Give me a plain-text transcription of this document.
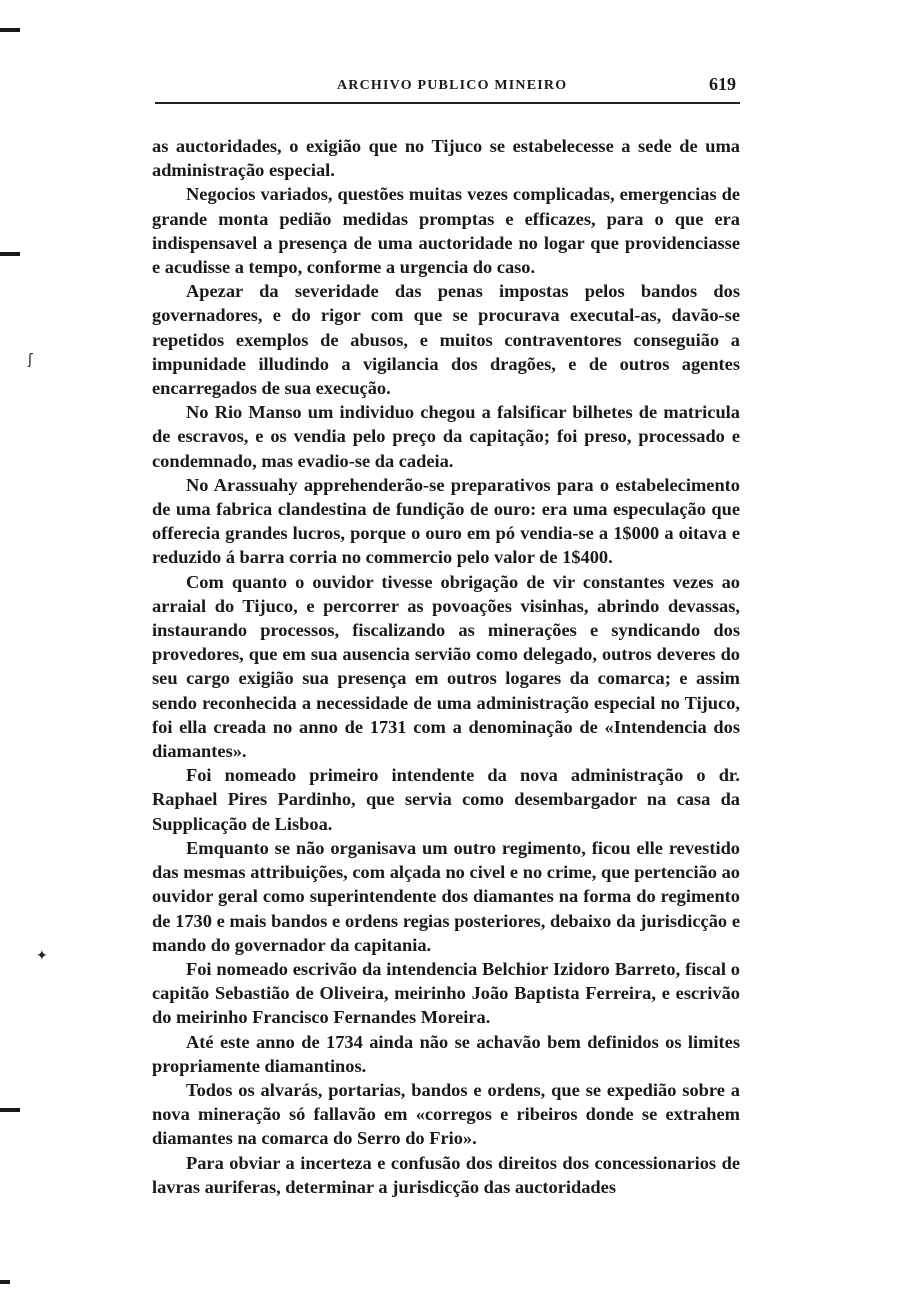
ʃ
✦
ARCHIVO PUBLICO MINEIRO	619

as auctoridades, o exigião que no Tijuco se estabelecesse a sede de uma administração especial.

Negocios variados, questões muitas vezes complicadas, emergencias de grande monta pedião medidas promptas e efficazes, para o que era indispensavel a presença de uma auctoridade no logar que providenciasse e acudisse a tempo, conforme a urgencia do caso.

Apezar da severidade das penas impostas pelos bandos dos governadores, e do rigor com que se procurava executal-as, davão-se repetidos exemplos de abusos, e muitos contraventores conseguião a impunidade illudindo a vigilancia dos dragões, e de outros agentes encarregados de sua execução.

No Rio Manso um individuo chegou a falsificar bilhetes de matricula de escravos, e os vendia pelo preço da capitação; foi preso, processado e condemnado, mas evadio-se da cadeia.

No Arassuahy apprehenderão-se preparativos para o estabelecimento de uma fabrica clandestina de fundição de ouro: era uma especulação que offerecia grandes lucros, porque o ouro em pó vendia-se a 1$000 a oitava e reduzido á barra corria no commercio pelo valor de 1$400.

Com quanto o ouvidor tivesse obrigação de vir constantes vezes ao arraial do Tijuco, e percorrer as povoações visinhas, abrindo devassas, instaurando processos, fiscalizando as minerações e syndicando dos provedores, que em sua ausencia servião como delegado, outros deveres do seu cargo exigião sua presença em outros logares da comarca; e assim sendo reconhecida a necessidade de uma administração especial no Tijuco, foi ella creada no anno de 1731 com a denominação de «Intendencia dos diamantes».

Foi nomeado primeiro intendente da nova administração o dr. Raphael Pires Pardinho, que servia como desembargador na casa da Supplicação de Lisboa.

Emquanto se não organisava um outro regimento, ficou elle revestido das mesmas attribuições, com alçada no civel e no crime, que pertencião ao ouvidor geral como superintendente dos diamantes na forma do regimento de 1730 e mais bandos e ordens regias posteriores, debaixo da jurisdicção e mando do governador da capitania.

Foi nomeado escrivão da intendencia Belchior Izidoro Barreto, fiscal o capitão Sebastião de Oliveira, meirinho João Baptista Ferreira, e escrivão do meirinho Francisco Fernandes Moreira.

Até este anno de 1734 ainda não se achavão bem definidos os limites propriamente diamantinos.

Todos os alvarás, portarias, bandos e ordens, que se expedião sobre a nova mineração só fallavão em «corregos e ribeiros donde se extrahem diamantes na comarca do Serro do Frio».

Para obviar a incerteza e confusão dos direitos dos concessionarios de lavras auriferas, determinar a jurisdicção das auctoridades
